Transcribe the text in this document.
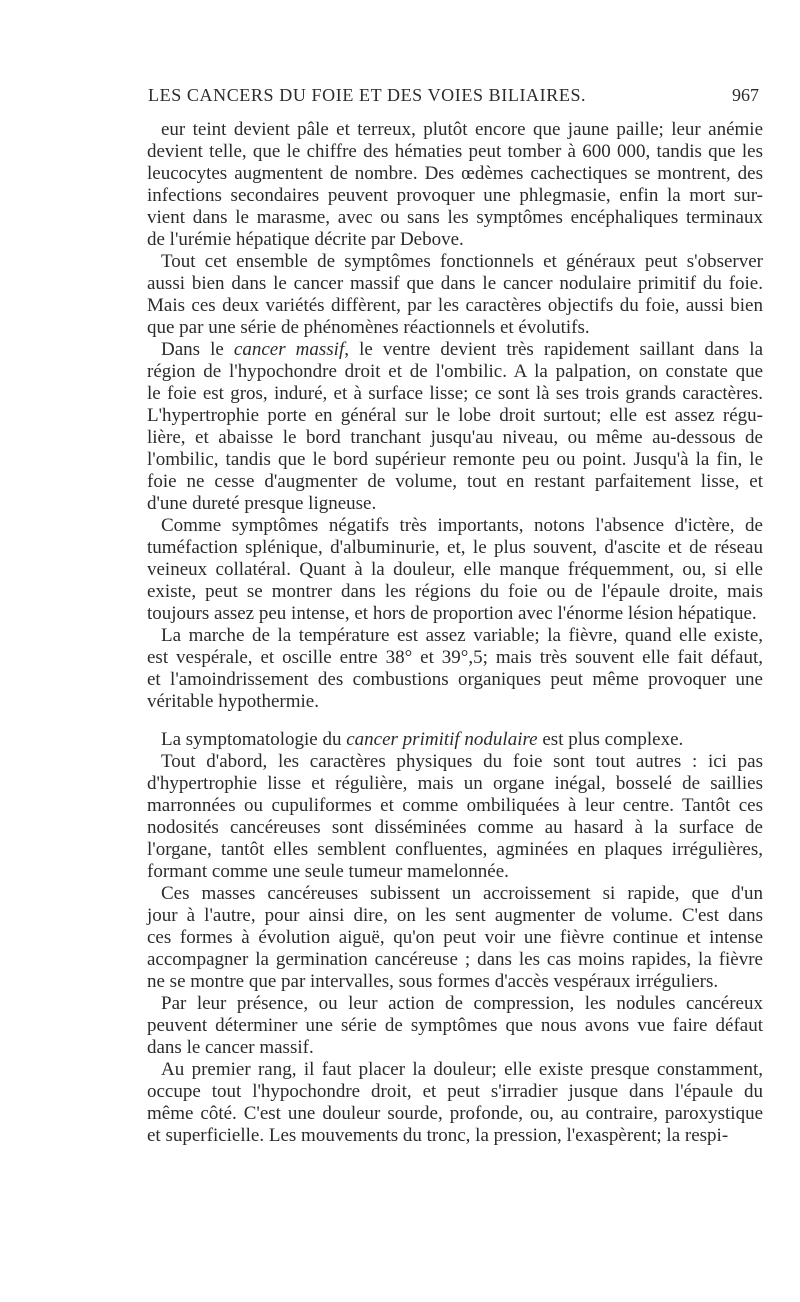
LES CANCERS DU FOIE ET DES VOIES BILIAIRES.	967
eur teint devient pâle et terreux, plutôt encore que jaune paille; leur anémie
devient telle, que le chiffre des hématies peut tomber à 600 000, tandis que les
leucocytes augmentent de nombre. Des œdèmes cachectiques se montrent, des
infections secondaires peuvent provoquer une phlegmasie, enfin la mort sur-
vient dans le marasme, avec ou sans les symptômes encéphaliques terminaux
de l'urémie hépatique décrite par Debove.
Tout cet ensemble de symptômes fonctionnels et généraux peut s'observer
aussi bien dans le cancer massif que dans le cancer nodulaire primitif du foie.
Mais ces deux variétés diffèrent, par les caractères objectifs du foie, aussi bien
que par une série de phénomènes réactionnels et évolutifs.
Dans le cancer massif, le ventre devient très rapidement saillant dans la
région de l'hypochondre droit et de l'ombilic. A la palpation, on constate que
le foie est gros, induré, et à surface lisse; ce sont là ses trois grands caractères.
L'hypertrophie porte en général sur le lobe droit surtout; elle est assez régu-
lière, et abaisse le bord tranchant jusqu'au niveau, ou même au-dessous de
l'ombilic, tandis que le bord supérieur remonte peu ou point. Jusqu'à la fin, le
foie ne cesse d'augmenter de volume, tout en restant parfaitement lisse, et
d'une dureté presque ligneuse.
Comme symptômes négatifs très importants, notons l'absence d'ictère, de
tuméfaction splénique, d'albuminurie, et, le plus souvent, d'ascite et de réseau
veineux collatéral. Quant à la douleur, elle manque fréquemment, ou, si elle
existe, peut se montrer dans les régions du foie ou de l'épaule droite, mais
toujours assez peu intense, et hors de proportion avec l'énorme lésion hépatique.
La marche de la température est assez variable; la fièvre, quand elle existe,
est vespérale, et oscille entre 38° et 39°,5; mais très souvent elle fait défaut,
et l'amoindrissement des combustions organiques peut même provoquer une
véritable hypothermie.
La symptomatologie du cancer primitif nodulaire est plus complexe.
Tout d'abord, les caractères physiques du foie sont tout autres : ici pas
d'hypertrophie lisse et régulière, mais un organe inégal, bosselé de saillies
marronnées ou cupuliformes et comme ombiliquées à leur centre. Tantôt ces
nodosités cancéreuses sont disséminées comme au hasard à la surface de
l'organe, tantôt elles semblent confluentes, agminées en plaques irrégulières,
formant comme une seule tumeur mamelonnée.
Ces masses cancéreuses subissent un accroissement si rapide, que d'un
jour à l'autre, pour ainsi dire, on les sent augmenter de volume. C'est dans
ces formes à évolution aiguë, qu'on peut voir une fièvre continue et intense
accompagner la germination cancéreuse ; dans les cas moins rapides, la fièvre
ne se montre que par intervalles, sous formes d'accès vespéraux irréguliers.
Par leur présence, ou leur action de compression, les nodules cancéreux
peuvent déterminer une série de symptômes que nous avons vue faire défaut
dans le cancer massif.
Au premier rang, il faut placer la douleur; elle existe presque constamment,
occupe tout l'hypochondre droit, et peut s'irradier jusque dans l'épaule du
même côté. C'est une douleur sourde, profonde, ou, au contraire, paroxystique
et superficielle. Les mouvements du tronc, la pression, l'exaspèrent; la respi-
